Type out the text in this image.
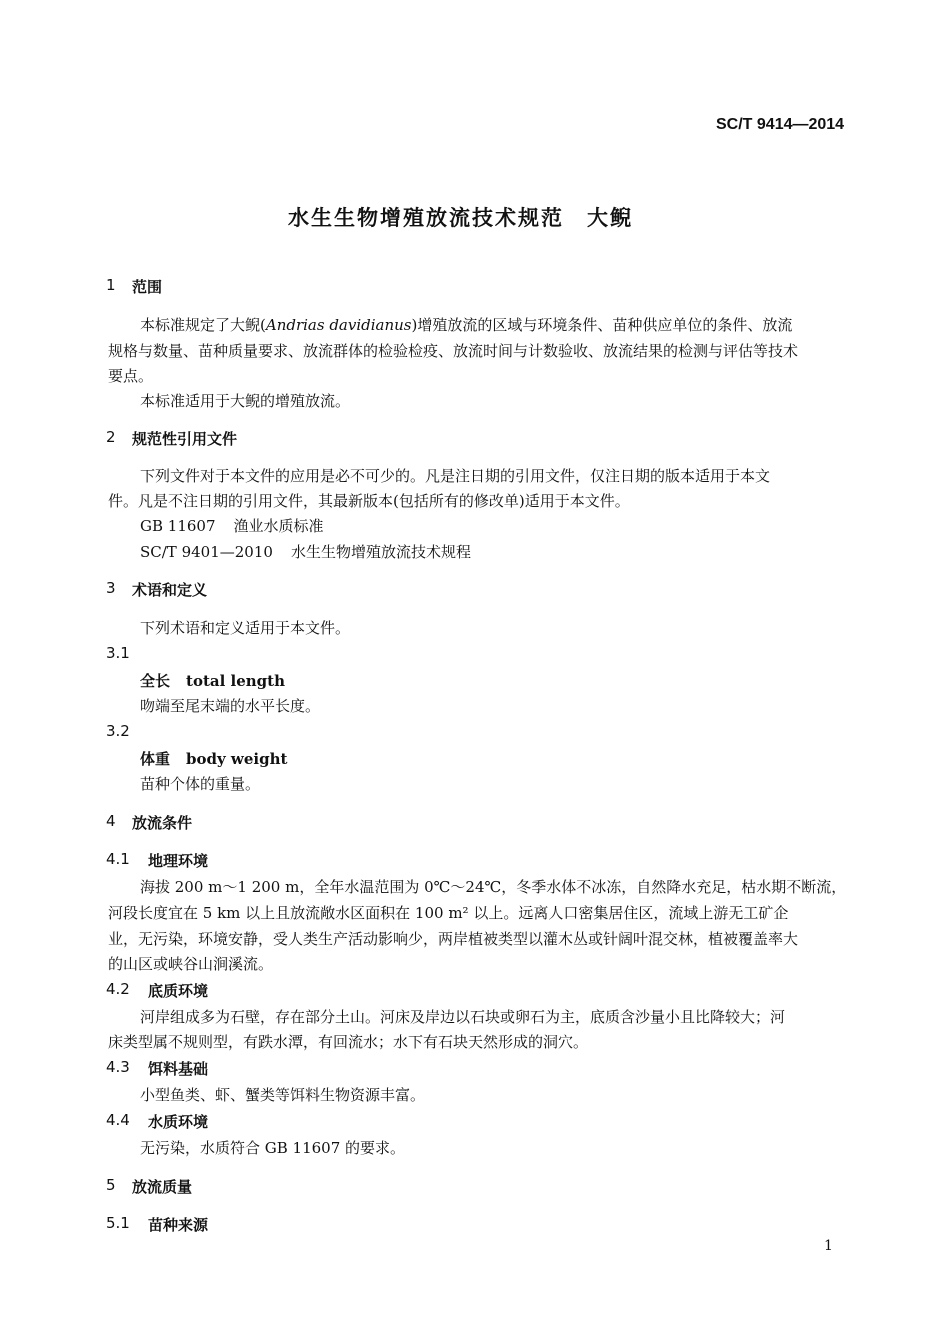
SC/T 9414—2014
水生生物增殖放流技术规范　大鲵
1 范围
本标准规定了大鲵(Andrias davidianus)增殖放流的区域与环境条件、苗种供应单位的条件、放流
规格与数量、苗种质量要求、放流群体的检验检疫、放流时间与计数验收、放流结果的检测与评估等技术
要点。
本标准适用于大鲵的增殖放流。
2 规范性引用文件
下列文件对于本文件的应用是必不可少的。凡是注日期的引用文件，仅注日期的版本适用于本文
件。凡是不注日期的引用文件，其最新版本(包括所有的修改单)适用于本文件。
GB 11607 渔业水质标准
SC/T 9401—2010 水生生物增殖放流技术规程
3 术语和定义
下列术语和定义适用于本文件。
3.1
全长 total length
吻端至尾末端的水平长度。
3.2
体重 body weight
苗种个体的重量。
4 放流条件
4.1 地理环境
海拔 200 m～1 200 m，全年水温范围为 0℃～24℃，冬季水体不冰冻，自然降水充足，枯水期不断流，
河段长度宜在 5 km 以上且放流敞水区面积在 100 m² 以上。远离人口密集居住区，流域上游无工矿企
业，无污染，环境安静，受人类生产活动影响少，两岸植被类型以灌木丛或针阔叶混交林，植被覆盖率大
的山区或峡谷山涧溪流。
4.2 底质环境
河岸组成多为石壁，存在部分土山。河床及岸边以石块或卵石为主，底质含沙量小且比降较大；河
床类型属不规则型，有跌水潭，有回流水；水下有石块天然形成的洞穴。
4.3 饵料基础
小型鱼类、虾、蟹类等饵料生物资源丰富。
4.4 水质环境
无污染，水质符合 GB 11607 的要求。
5 放流质量
5.1 苗种来源
1
